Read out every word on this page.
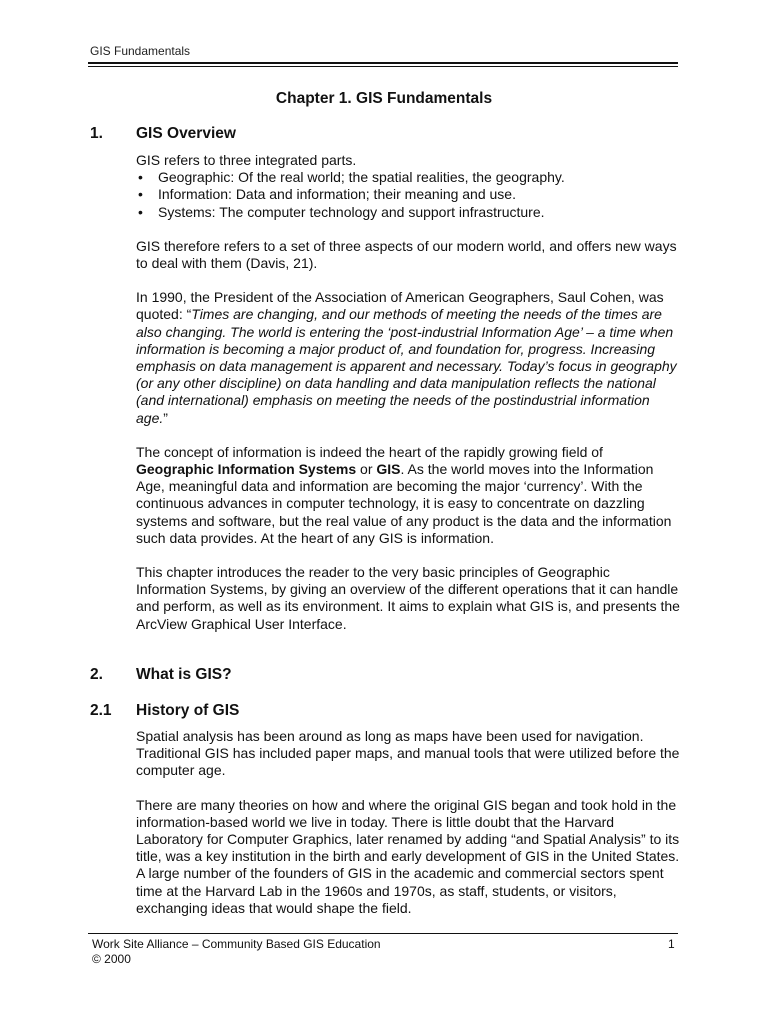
GIS Fundamentals
Chapter 1. GIS Fundamentals
1. GIS Overview

GIS refers to three integrated parts.

• Geographic: Of the real world; the spatial realities, the geography.
• Information: Data and information; their meaning and use.
• Systems: The computer technology and support infrastructure.

GIS therefore refers to a set of three aspects of our modern world, and offers new ways to deal with them (Davis, 21).

In 1990, the President of the Association of American Geographers, Saul Cohen, was quoted: “Times are changing, and our methods of meeting the needs of the times are also changing. The world is entering the ‘post-industrial Information Age’ – a time when information is becoming a major product of, and foundation for, progress. Increasing emphasis on data management is apparent and necessary. Today’s focus in geography (or any other discipline) on data handling and data manipulation reflects the national (and international) emphasis on meeting the needs of the postindustrial information age.”

The concept of information is indeed the heart of the rapidly growing field of Geographic Information Systems or GIS. As the world moves into the Information Age, meaningful data and information are becoming the major ‘currency’. With the continuous advances in computer technology, it is easy to concentrate on dazzling systems and software, but the real value of any product is the data and the information such data provides. At the heart of any GIS is information.

This chapter introduces the reader to the very basic principles of Geographic Information Systems, by giving an overview of the different operations that it can handle and perform, as well as its environment. It aims to explain what GIS is, and presents the ArcView Graphical User Interface.

2. What is GIS?
2.1 History of GIS

Spatial analysis has been around as long as maps have been used for navigation. Traditional GIS has included paper maps, and manual tools that were utilized before the computer age.

There are many theories on how and where the original GIS began and took hold in the information-based world we live in today. There is little doubt that the Harvard Laboratory for Computer Graphics, later renamed by adding “and Spatial Analysis” to its title, was a key institution in the birth and early development of GIS in the United States. A large number of the founders of GIS in the academic and commercial sectors spent time at the Harvard Lab in the 1960s and 1970s, as staff, students, or visitors, exchanging ideas that would shape the field.

Work Site Alliance – Community Based GIS Education	1
© 2000
